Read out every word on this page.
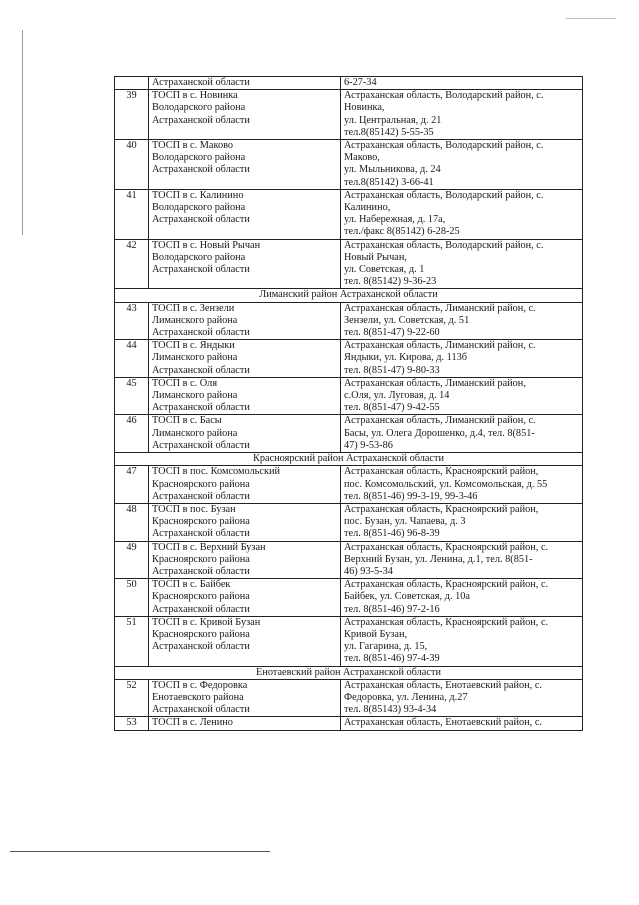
	Астраханской области	6-27-34

39	ТОСП в с. Новинка
Володарского района
Астраханской области	Астраханская область, Володарский район, с.
Новинка,
ул. Центральная, д. 21
тел.8(85142) 5-55-35

40	ТОСП в с. Маково
Володарского района
Астраханской области	Астраханская область, Володарский район, с.
Маково,
ул. Мыльникова, д. 24
тел.8(85142) 3-66-41

41	ТОСП в с. Калинино
Володарского района
Астраханской области	Астраханская область, Володарский район, с.
Калинино,
ул. Набережная, д. 17а,
тел./факс 8(85142) 6-28-25

42	ТОСП в с. Новый Рычан
Володарского района
Астраханской области	Астраханская область, Володарский район, с.
Новый Рычан,
ул. Советская, д. 1
тел. 8(85142) 9-36-23

Лиманский район Астраханской области		
43	ТОСП в с. Зензели
Лиманского района
Астраханской области	Астраханская область, Лиманский район, с.
Зензели, ул. Советская, д. 51
тел. 8(851-47) 9-22-60

44	ТОСП в с. Яндыки
Лиманского района
Астраханской области	Астраханская область, Лиманский район, с.
Яндыки, ул. Кирова, д. 113б
тел. 8(851-47) 9-80-33

45	ТОСП в с. Оля
Лиманского района
Астраханской области	Астраханская область, Лиманский район,
с.Оля, ул. Луговая, д. 14
тел. 8(851-47) 9-42-55

46	ТОСП в с. Басы
Лиманского района
Астраханской области	Астраханская область, Лиманский район, с.
Басы, ул. Олега Дорошенко, д.4, тел. 8(851-
47) 9-53-86

Красноярский район Астраханской области		
47	ТОСП в пос. Комсомольский
Красноярского района
Астраханской области	Астраханская область, Красноярский район,
пос. Комсомольский, ул. Комсомольская, д. 55
тел. 8(851-46) 99-3-19, 99-3-46

48	ТОСП в пос. Бузан
Красноярского района
Астраханской области	Астраханская область, Красноярский район,
пос. Бузан, ул. Чапаева, д. 3
тел. 8(851-46) 96-8-39

49	ТОСП в с. Верхний Бузан
Красноярского района
Астраханской области	Астраханская область, Красноярский район, с.
Верхний Бузан, ул. Ленина, д.1, тел. 8(851-
46) 93-5-34

50	ТОСП в с. Байбек
Красноярского района
Астраханской области	Астраханская область, Красноярский район, с.
Байбек, ул. Советская, д. 10а
тел. 8(851-46) 97-2-16

51	ТОСП в с. Кривой Бузан
Красноярского района
Астраханской области	Астраханская область, Красноярский район, с.
Кривой Бузан,
ул. Гагарина, д. 15,
тел. 8(851-46) 97-4-39

Енотаевский район Астраханской области		
52	ТОСП в с. Федоровка
Енотаевского района
Астраханской области	Астраханская область, Енотаевский район, с.
Федоровка, ул. Ленина, д.27
тел. 8(85143) 93-4-34

53	ТОСП в с. Ленино	Астраханская область, Енотаевский район, с.
